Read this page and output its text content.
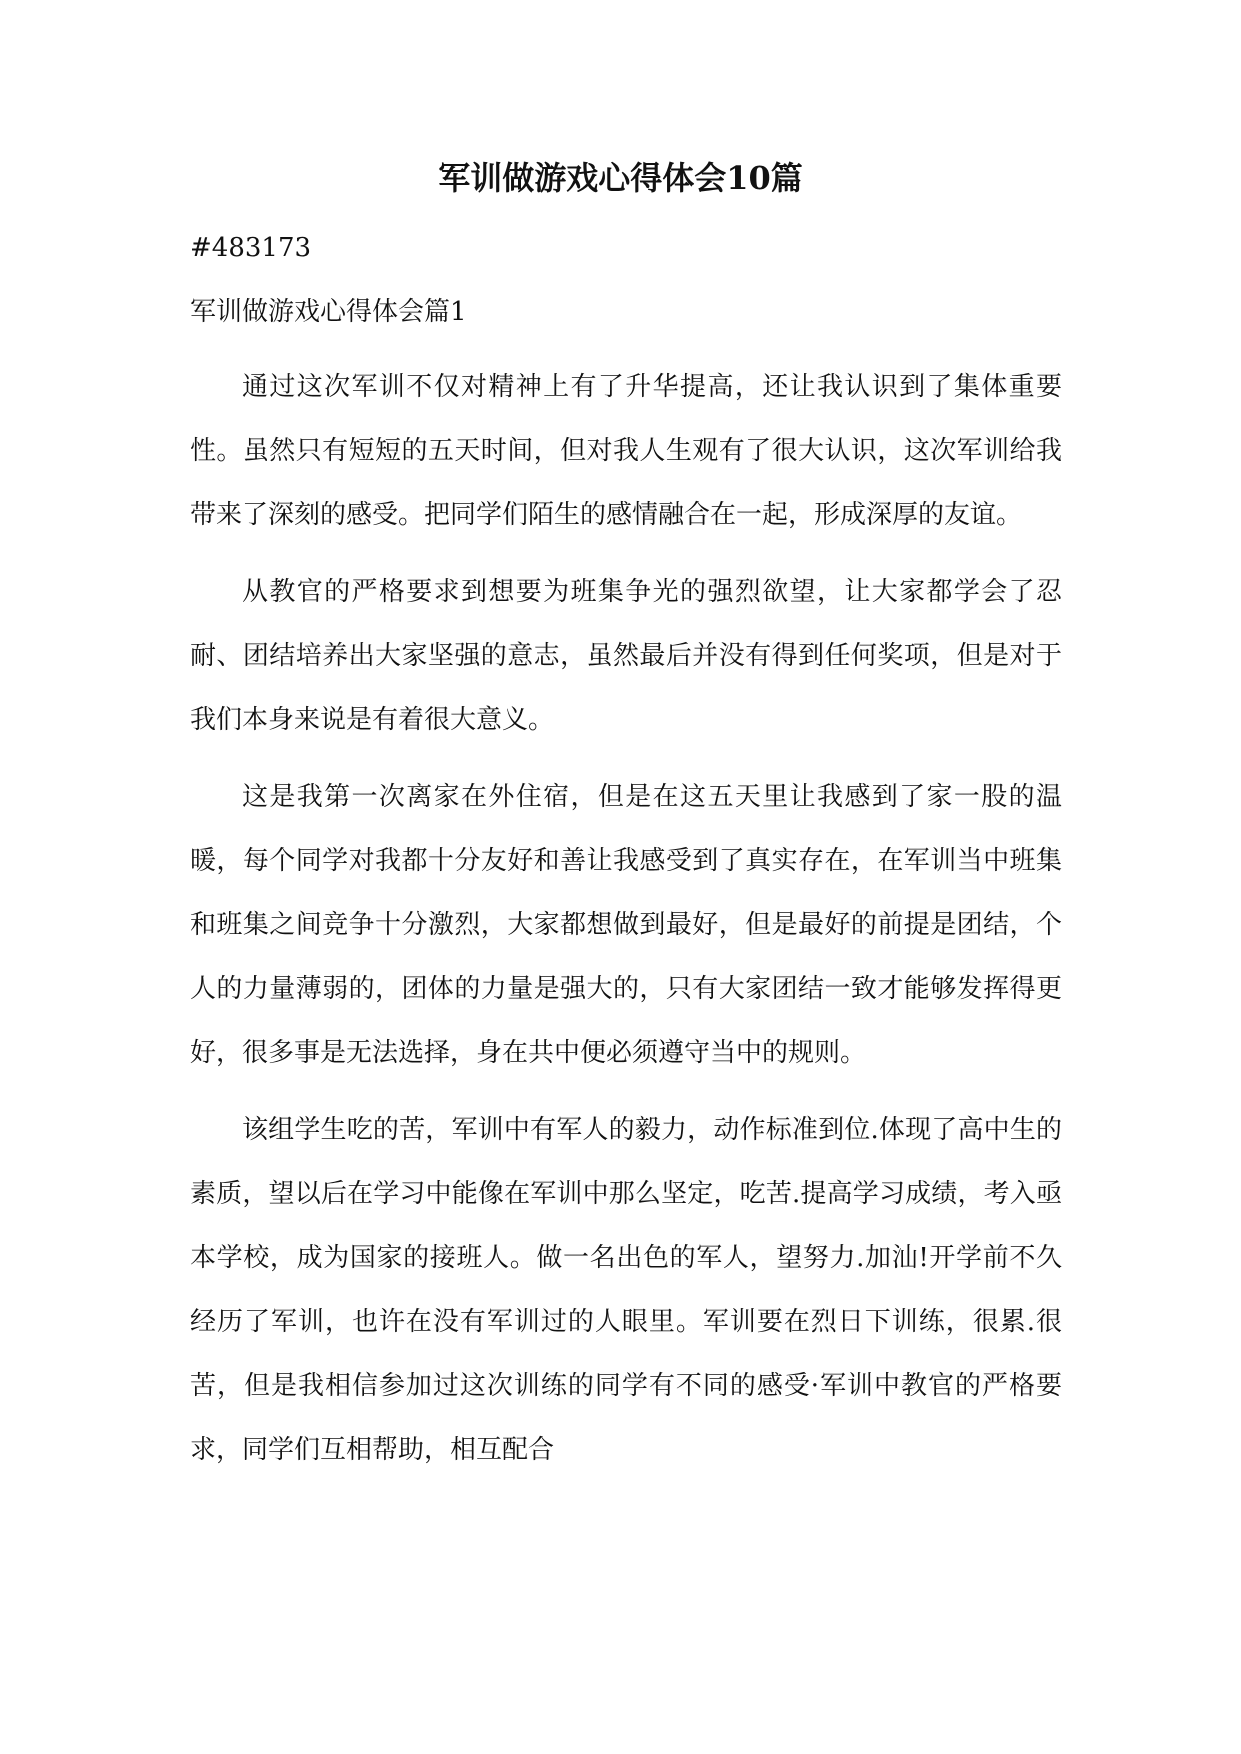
军训做游戏心得体会10篇

#483173

军训做游戏心得体会篇1

通过这次军训不仅对精神上有了升华提高，还让我认识到了集体重要性。虽然只有短短的五天时间，但对我人生观有了很大认识，这次军训给我带来了深刻的感受。把同学们陌生的感情融合在一起，形成深厚的友谊。

从教官的严格要求到想要为班集争光的强烈欲望，让大家都学会了忍耐、团结培养出大家坚强的意志，虽然最后并没有得到任何奖项，但是对于我们本身来说是有着很大意义。

这是我第一次离家在外住宿，但是在这五天里让我感到了家一股的温暖，每个同学对我都十分友好和善让我感受到了真实存在，在军训当中班集和班集之间竞争十分激烈，大家都想做到最好，但是最好的前提是团结，个人的力量薄弱的，团体的力量是强大的，只有大家团结一致才能够发挥得更好，很多事是无法选择，身在共中便必须遵守当中的规则。

该组学生吃的苦，军训中有军人的毅力，动作标准到位.体现了高中生的素质，望以后在学习中能像在军训中那么坚定，吃苦.提高学习成绩，考入亟本学校，成为国家的接班人。做一名出色的军人，望努力.加汕!开学前不久经历了军训，也许在没有军训过的人眼里。军训要在烈日下训练，很累.很苦，但是我相信参加过这次训练的同学有不同的感受·军训中教官的严格要求，同学们互相帮助，相互配合
